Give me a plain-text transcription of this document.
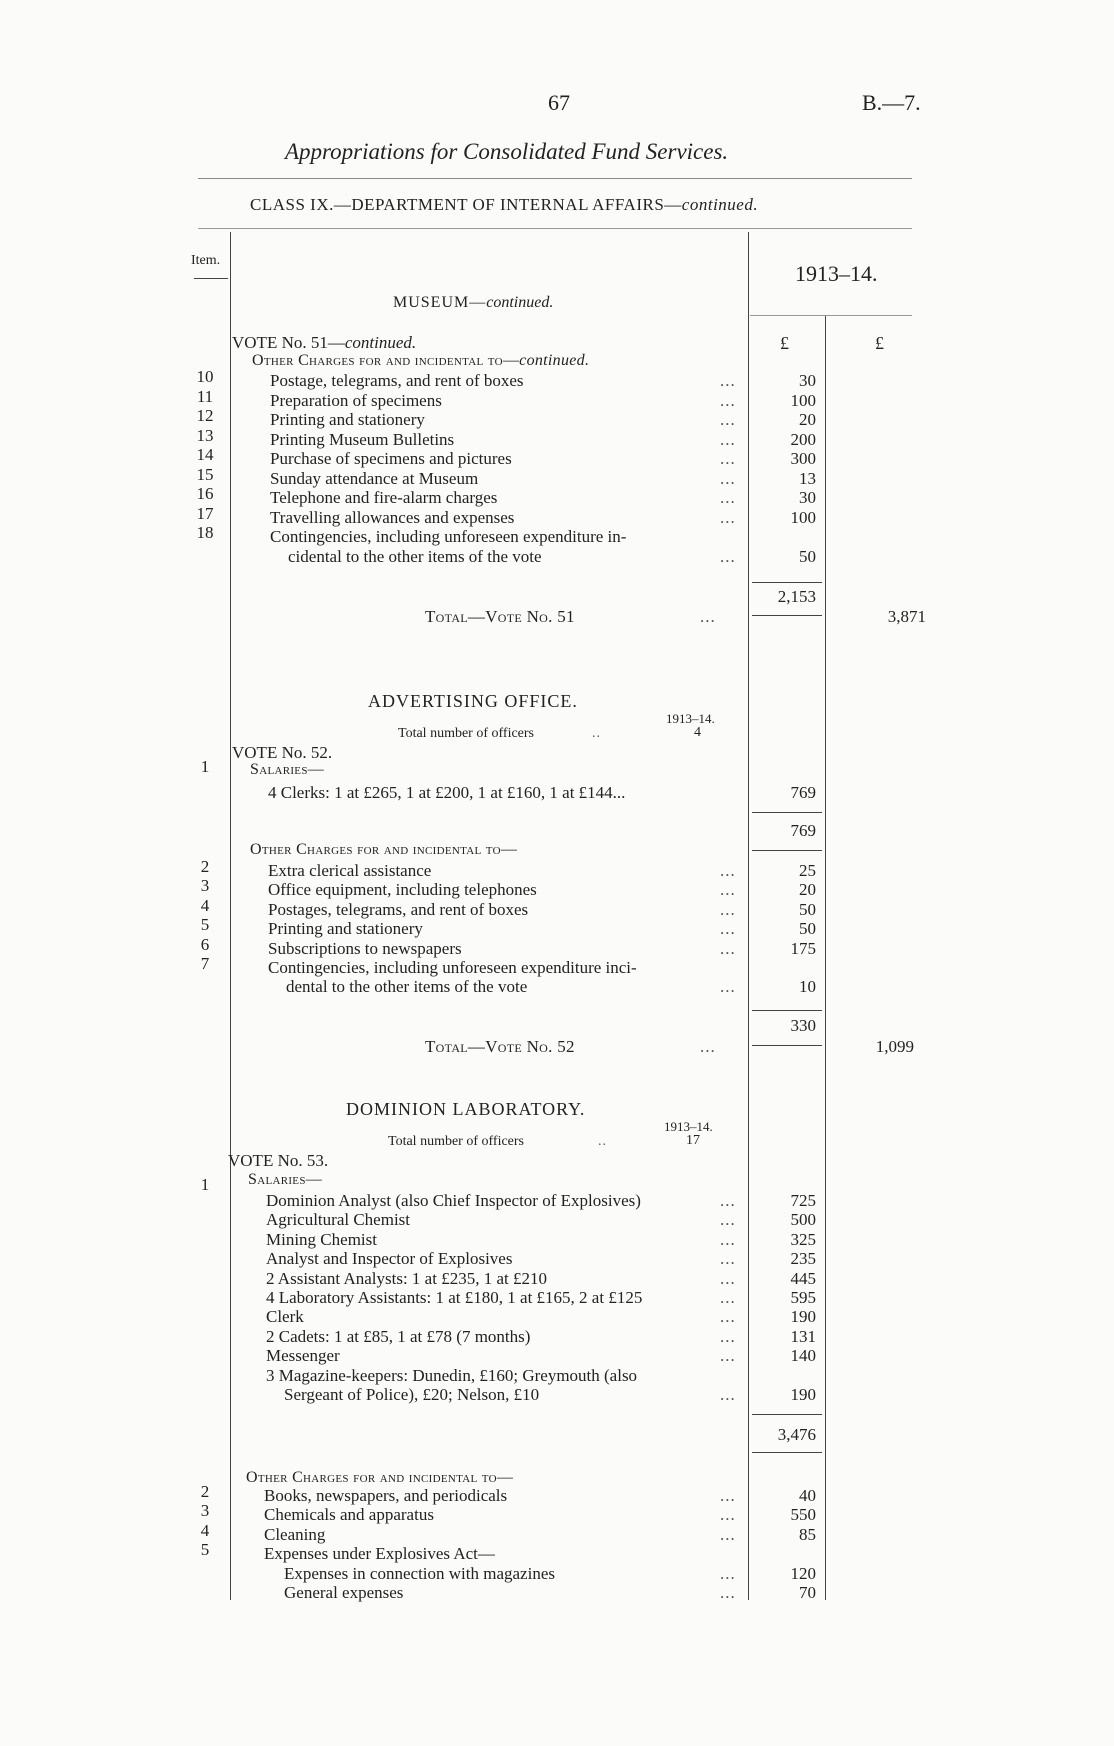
67	B.—7.
Appropriations for Consolidated Fund Services.
CLASS IX.—DEPARTMENT OF INTERNAL AFFAIRS—continued.
Item.
1913–14.
£	£
MUSEUM—continued.
VOTE No. 51—continued.
Other Charges for and incidental to—continued.
10	Postage, telegrams, and rent of boxes	...	30
11	Preparation of specimens	...	100
12	Printing and stationery	...	20
13	Printing Museum Bulletins	...	200
14	Purchase of specimens and pictures	...	300
15	Sunday attendance at Museum	...	13
16	Telephone and fire-alarm charges	...	30
17	Travelling allowances and expenses	...	100
18	Contingencies, including unforeseen expenditure in-
cidental to the other items of the vote	...	50
2,153
Total—Vote No. 51	...	3,871
ADVERTISING OFFICE.
1913–14.
Total number of officers	..	4
VOTE No. 52.
1	Salaries—
4 Clerks: 1 at £265, 1 at £200, 1 at £160, 1 at £144...	769
769
Other Charges for and incidental to—
2	Extra clerical assistance	...	25
3	Office equipment, including telephones	...	20
4	Postages, telegrams, and rent of boxes	...	50
5	Printing and stationery	...	50
6	Subscriptions to newspapers	...	175
7	Contingencies, including unforeseen expenditure inci-
dental to the other items of the vote	...	10
330
Total—Vote No. 52	...	1,099
DOMINION LABORATORY.
1913–14.
Total number of officers	..	17
VOTE No. 53.
1	Salaries—
Dominion Analyst (also Chief Inspector of Explosives)	...	725
Agricultural Chemist	...	500
Mining Chemist	...	325
Analyst and Inspector of Explosives	...	235
2 Assistant Analysts: 1 at £235, 1 at £210	...	445
4 Laboratory Assistants: 1 at £180, 1 at £165, 2 at £125	...	595
Clerk	...	190
2 Cadets: 1 at £85, 1 at £78 (7 months)	...	131
Messenger	...	140
3 Magazine-keepers: Dunedin, £160; Greymouth (also
Sergeant of Police), £20; Nelson, £10	...	190
3,476
Other Charges for and incidental to—
2	Books, newspapers, and periodicals	...	40
3	Chemicals and apparatus	...	550
4	Cleaning	...	85
5	Expenses under Explosives Act—
Expenses in connection with magazines	...	120
General expenses	...	70
